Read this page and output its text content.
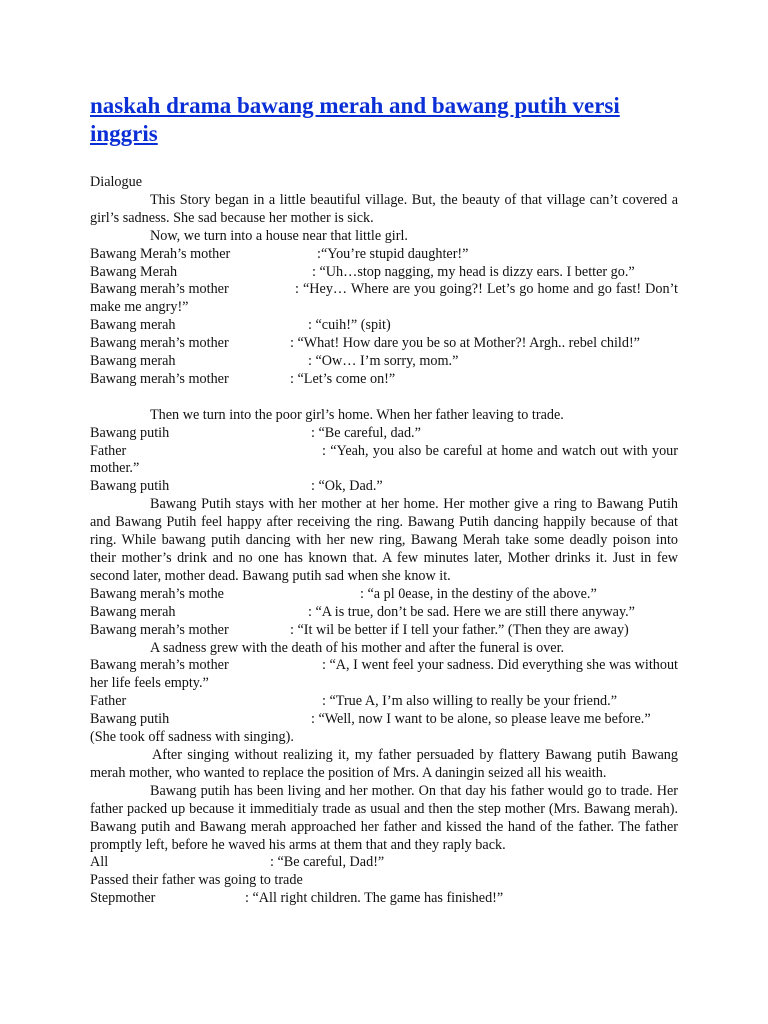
naskah drama bawang merah and bawang putih versi inggris
Dialogue
This Story began in a little beautiful village. But, the beauty of that village can’t covered a girl’s sadness. She sad because her mother is sick.
Now, we turn into a house near that little girl.
Bawang Merah’s mother	:“You’re stupid daughter!”
Bawang Merah	: “Uh…stop nagging, my head is dizzy ears. I better go.”
Bawang merah’s mother	: “Hey… Where are you going?! Let’s go home and go fast! Don’t make me angry!”
Bawang merah	: “cuih!” (spit)
Bawang merah’s mother	: “What! How dare you be so at Mother?! Argh.. rebel child!”
Bawang merah	: “Ow… I’m sorry, mom.”
Bawang merah’s mother	: “Let’s come on!”
Then we turn into the poor girl’s home. When her father leaving to trade.
Bawang putih	: “Be careful, dad.”
Father	: “Yeah, you also be careful at home and watch out with your mother.”
Bawang putih	: “Ok, Dad.”
Bawang Putih stays with her mother at her home. Her mother give a ring to Bawang Putih and Bawang Putih feel happy after receiving the ring. Bawang Putih dancing happily because of that ring. While bawang putih dancing with her new ring, Bawang Merah take some deadly poison into their mother’s drink and no one has known that. A few minutes later, Mother drinks it. Just in few second later, mother dead. Bawang putih sad when she know it.
Bawang merah’s mothe	: “a pl 0ease, in the destiny of the above.”
Bawang merah	: “A is true, don’t be sad. Here we are still there anyway.”
Bawang merah’s mother	: “It wil be better if I tell your father.” (Then they are away)
A sadness grew with the death of his mother and after the funeral is over.
Bawang merah’s mother	: “A, I went feel your sadness. Did everything she was without her life feels empty.”
Father	: “True A, I’m also willing to really be your friend.”
Bawang putih	: “Well, now I want to be alone, so please leave me before.”
(She took off sadness with singing).
After singing without realizing it, my father persuaded by flattery Bawang putih Bawang merah mother, who wanted to replace the position of Mrs. A daningin seized all his weaith.
Bawang putih has been living and her mother. On that day his father would go to trade. Her father packed up because it immeditialy trade as usual and then the step mother (Mrs. Bawang merah). Bawang putih and Bawang merah approached her father and kissed the hand of the father. The father promptly left, before he waved his arms at them that and they raply back.
All	: “Be careful, Dad!”
Passed their father was going to trade
Stepmother	: “All right children. The game has finished!”
